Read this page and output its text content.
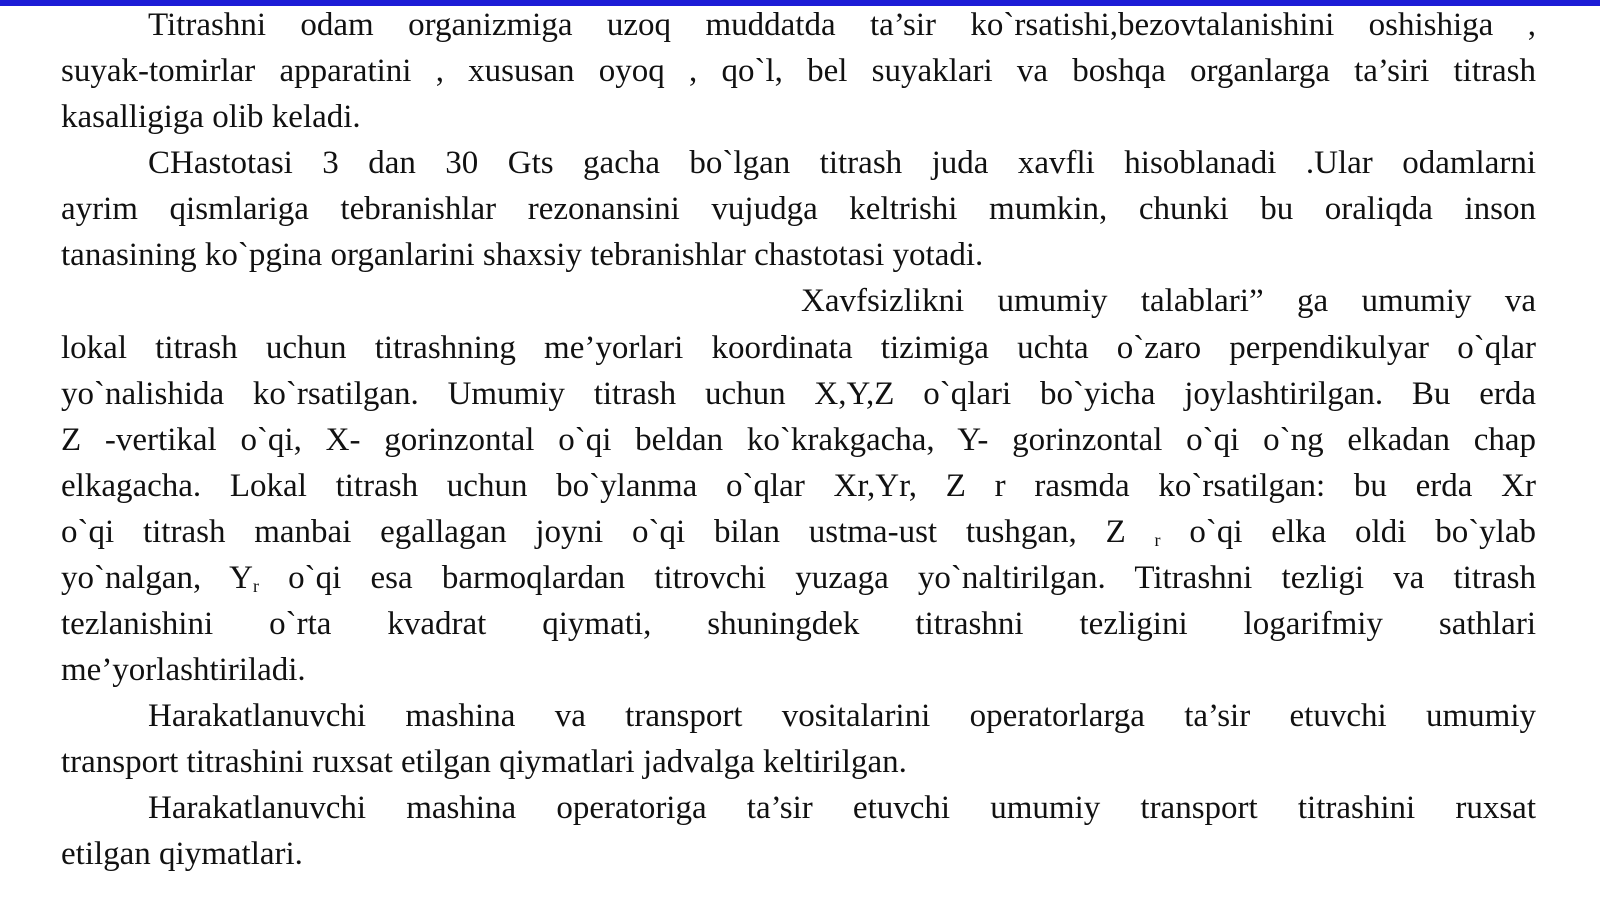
Titrashni odam organizmiga uzoq muddatda ta’sir ko`rsatishi,bezovtalanishini oshishiga ,
suyak-tomirlar apparatini , xususan oyoq , qo`l, bel suyaklari va boshqa organlarga ta’siri titrash
kasalligiga olib keladi.
CHastotasi 3 dan 30 Gts gacha bo`lgan titrash juda xavfli hisoblanadi .Ular odamlarni
ayrim qismlariga tebranishlar rezonansini vujudga keltrishi mumkin, chunki bu oraliqda inson
tanasining ko`pgina organlarini shaxsiy tebranishlar chastotasi yotadi.
Xavfsizlikni umumiy talablari” ga umumiy va
lokal titrash uchun titrashning me’yorlari koordinata tizimiga uchta o`zaro perpendikulyar o`qlar
yo`nalishida ko`rsatilgan. Umumiy titrash uchun X,Y,Z o`qlari bo`yicha joylashtirilgan. Bu erda
Z -vertikal o`qi, X- gorinzontal o`qi beldan ko`krakgacha, Y- gorinzontal o`qi o`ng elkadan chap
elkagacha. Lokal titrash uchun bo`ylanma o`qlar Xr,Yr, Z r rasmda ko`rsatilgan: bu erda Xr
o`qi titrash manbai egallagan joyni o`qi bilan ustma-ust tushgan, Z $_r$ o`qi elka oldi bo`ylab
yo`nalgan, $Y_r$ o`qi esa barmoqlardan titrovchi yuzaga yo`naltirilgan. Titrashni tezligi va titrash
tezlanishini o`rta kvadrat qiymati, shuningdek titrashni tezligini logarifmiy sathlari
me’yorlashtiriladi.
Harakatlanuvchi mashina va transport vositalarini operatorlarga ta’sir etuvchi umumiy
transport titrashini ruxsat etilgan qiymatlari jadvalga keltirilgan.
Harakatlanuvchi mashina operatoriga ta’sir etuvchi umumiy transport titrashini ruxsat
etilgan qiymatlari.
